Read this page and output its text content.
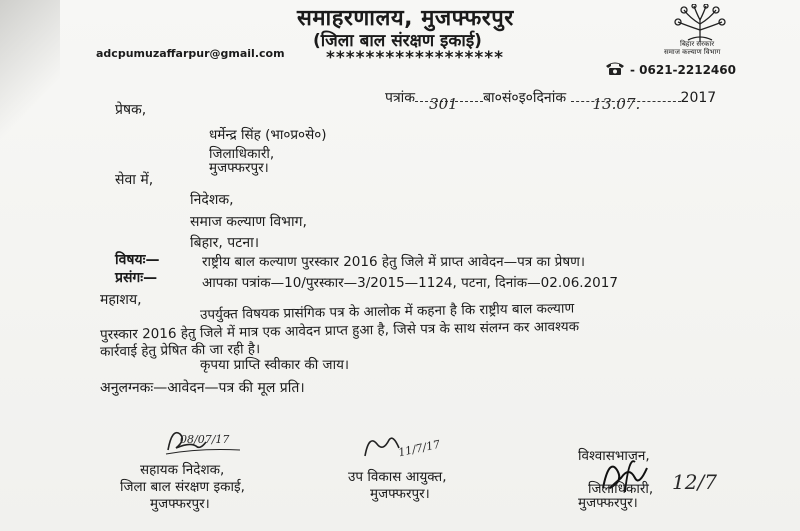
समाहरणालय, मुजफ्फरपुर
(जिला बाल संरक्षण इकाई)
******************
adcpumuzaffarpur@gmail.com
बिहार सरकार
समाज कल्याण विभाग
- 0621-2212460
पत्रांक 301 बा०सं०इ०दिनांक 13.07.	2017
प्रेषक,
धर्मेन्द्र सिंह (भा०प्र०से०)
जिलाधिकारी,
मुजफ्फरपुर।
सेवा में,
निदेशक,
समाज कल्याण विभाग,
बिहार, पटना।
विषयः—	राष्ट्रीय बाल कल्याण पुरस्कार 2016 हेतु जिले में प्राप्त आवेदन—पत्र का प्रेषण।
प्रसंगः—	आपका पत्रांक—10/पुरस्कार—3/2015—1124, पटना, दिनांक—02.06.2017
महाशय,
उपर्युक्त विषयक प्रासंगिक पत्र के आलोक में कहना है कि राष्ट्रीय बाल कल्याण
पुरस्कार 2016 हेतु जिले में मात्र एक आवेदन प्राप्त हुआ है, जिसे पत्र के साथ संलग्न कर आवश्यक
कार्रवाई हेतु प्रेषित की जा रही है।
कृपया प्राप्ति स्वीकार की जाय।
अनुलग्नकः—आवेदन—पत्र की मूल प्रति।
08/07/17	11/7/17
12/7
सहायक निदेशक,
जिला बाल संरक्षण इकाई,
मुजफ्फरपुर।
उप विकास आयुक्त,
मुजफ्फरपुर।
विश्वासभाजन,
जिलाधिकारी,
मुजफ्फरपुर।
